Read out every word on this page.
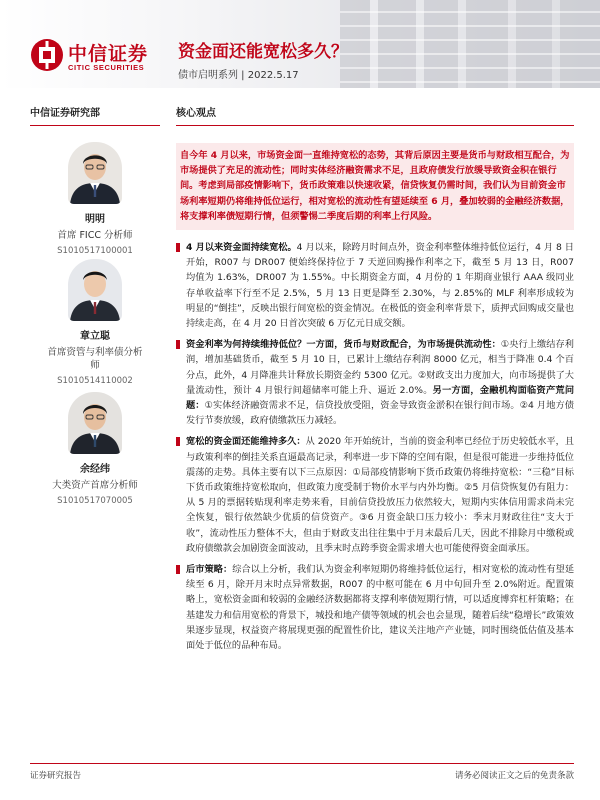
中信证券
CITIC SECURITIES
资金面还能宽松多久？
债市启明系列 | 2022.5.17
中信证券研究部
明明
首席 FICC 分析师
S1010517100001
章立聪
首席资管与利率债分析师
S1010514110002
余经纬
大类资产首席分析师
S1010517070005
核心观点
自今年 4 月以来，市场资金面一直维持宽松的态势，其背后原因主要是货币与财政相互配合，为市场提供了充足的流动性；同时实体经济融资需求不足，且政府债发行放缓导致资金积在银行间。考虑到局部疫情影响下，货币政策难以快速收紧，信贷恢复仍需时间，我们认为目前资金市场利率短期仍将维持低位运行，相对宽松的流动性有望延续至 6 月，叠加较弱的金融经济数据，将支撑利率债短期行情，但须警惕二季度后期的利率上行风险。
4 月以来资金面持续宽松。4 月以来，除跨月时间点外，资金利率整体维持低位运行，4 月 8 日开始，R007 与 DR007 便始终保持位于 7 天逆回购操作利率之下，截至 5 月 13 日，R007 均值为 1.63%，DR007 为 1.55%。中长期资金方面，4 月份的 1 年期商业银行 AAA 级同业存单收益率下行至不足 2.5%，5 月 13 日更是降至 2.30%，与 2.85%的 MLF 利率形成较为明显的“倒挂”，反映出银行间宽松的资金情况。在极低的资金利率背景下，质押式回购成交量也持续走高，在 4 月 20 日首次突破 6 万亿元日成交额。
资金利率为何持续维持低位？一方面，货币与财政配合，为市场提供流动性：①央行上缴结存利润，增加基础货币，截至 5 月 10 日，已累计上缴结存利润 8000 亿元，相当于降准 0.4 个百分点，此外，4 月降准共计释放长期资金约 5300 亿元。②财政支出力度加大，向市场提供了大量流动性，预计 4 月银行间超储率可能上升、逼近 2.0%。另一方面，金融机构面临资产荒问题：①实体经济融资需求不足，信贷投放受阻，资金导致资金淤积在银行间市场。②4 月地方债发行节奏放缓，政府债缴款压力减轻。
宽松的资金面还能维持多久：从 2020 年开始统计，当前的资金利率已经位于历史较低水平，且与政策利率的倒挂关系直逼最高记录，利率进一步下降的空间有限，但是很可能进一步维持低位震荡的走势。具体主要有以下三点原因：①局部疫情影响下货币政策仍将维持宽松：“三稳”目标下货币政策维持宽松取向，但政策力度受制于物价水平与内外均衡。②5 月信贷恢复仍有阻力：从 5 月的票据转贴现利率走势来看，目前信贷投放压力依然较大，短期内实体信用需求尚未完全恢复，银行依然缺少优质的信贷资产。③6 月资金缺口压力较小：季末月财政往往“支大于收”，流动性压力整体不大，但由于财政支出往往集中于月末最后几天，因此不排除月中缴税或政府债缴款会加剧资金面波动，且季末时点跨季资金需求增大也可能使得资金面承压。
后市策略：综合以上分析，我们认为资金利率短期仍将维持低位运行，相对宽松的流动性有望延续至 6 月，除开月末时点异常数据，R007 的中枢可能在 6 月中旬回升至 2.0%附近。配置策略上，宽松资金面和较弱的金融经济数据都将支撑利率债短期行情，可以适度博弈杠杆策略；在基建发力和信用宽松的背景下，城投和地产债等领域的机会也会显现，随着后续“稳增长”政策效果逐步显现，权益资产将展现更强的配置性价比，建议关注地产产业链，同时围绕低估值及基本面处于低位的品种布局。
证券研究报告	请务必阅读正文之后的免责条款
